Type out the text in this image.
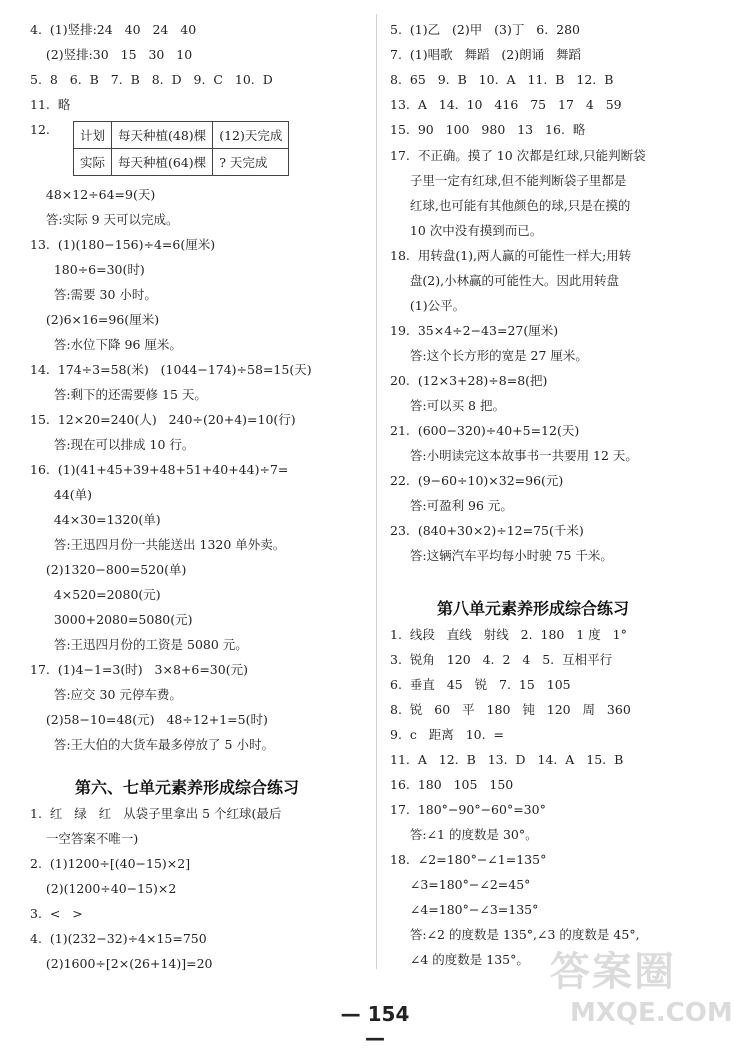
4.  (1)竖排:24   40   24   40
(2)竖排:30   15   30   10
5.  8   6.  B   7.  B   8.  D   9.  C   10.  D
11.  略
12. 计划	每天种植(48)棵	(12)天完成
实际	每天种植(64)棵	? 天完成
48×12÷64=9(天)
答:实际 9 天可以完成。
13.  (1)(180−156)÷4=6(厘米)
180÷6=30(时)
答:需要 30 小时。
(2)6×16=96(厘米)
答:水位下降 96 厘米。
14.  174÷3=58(米)   (1044−174)÷58=15(天)
答:剩下的还需要修 15 天。
15.  12×20=240(人)   240÷(20+4)=10(行)
答:现在可以排成 10 行。
16.  (1)(41+45+39+48+51+40+44)÷7=
44(单)
44×30=1320(单)
答:王迅四月份一共能送出 1320 单外卖。
(2)1320−800=520(单)
4×520=2080(元)
3000+2080=5080(元)
答:王迅四月份的工资是 5080 元。
17.  (1)4−1=3(时)   3×8+6=30(元)
答:应交 30 元停车费。
(2)58−10=48(元)   48÷12+1=5(时)
答:王大伯的大货车最多停放了 5 小时。
第六、七单元素养形成综合练习
1.  红   绿   红   从袋子里拿出 5 个红球(最后
一空答案不唯一)
2.  (1)1200÷[(40−15)×2]
(2)(1200÷40−15)×2
3.  <   >
4.  (1)(232−32)÷4×15=750
(2)1600÷[2×(26+14)]=20
5.  (1)乙   (2)甲   (3)丁   6.  280
7.  (1)唱歌   舞蹈   (2)朗诵   舞蹈
8.  65   9.  B   10.  A   11.  B   12.  B
13.  A   14.  10   416   75   17   4   59
15.  90   100   980   13   16.  略
17.  不正确。摸了 10 次都是红球,只能判断袋
子里一定有红球,但不能判断袋子里都是
红球,也可能有其他颜色的球,只是在摸的
10 次中没有摸到而已。
18.  用转盘(1),两人赢的可能性一样大;用转
盘(2),小林赢的可能性大。因此用转盘
(1)公平。
19.  35×4÷2−43=27(厘米)
答:这个长方形的宽是 27 厘米。
20.  (12×3+28)÷8=8(把)
答:可以买 8 把。
21.  (600−320)÷40+5=12(天)
答:小明读完这本故事书一共要用 12 天。
22.  (9−60÷10)×32=96(元)
答:可盈利 96 元。
23.  (840+30×2)÷12=75(千米)
答:这辆汽车平均每小时驶 75 千米。
第八单元素养形成综合练习
1.  线段   直线   射线   2.  180   1 度   1°
3.  锐角   120   4.  2   4   5.  互相平行
6.  垂直   45   锐   7.  15   105
8.  锐   60   平   180   钝   120   周   360
9.  c   距离   10.  =
11.  A   12.  B   13.  D   14.  A   15.  B
16.  180   105   150
17.  180°−90°−60°=30°
答:∠1 的度数是 30°。
18.  ∠2=180°−∠1=135°
∠3=180°−∠2=45°
∠4=180°−∠3=135°
答:∠2 的度数是 135°,∠3 的度数是 45°,
∠4 的度数是 135°。
— 154 —
答案圈
MXQE.COM
